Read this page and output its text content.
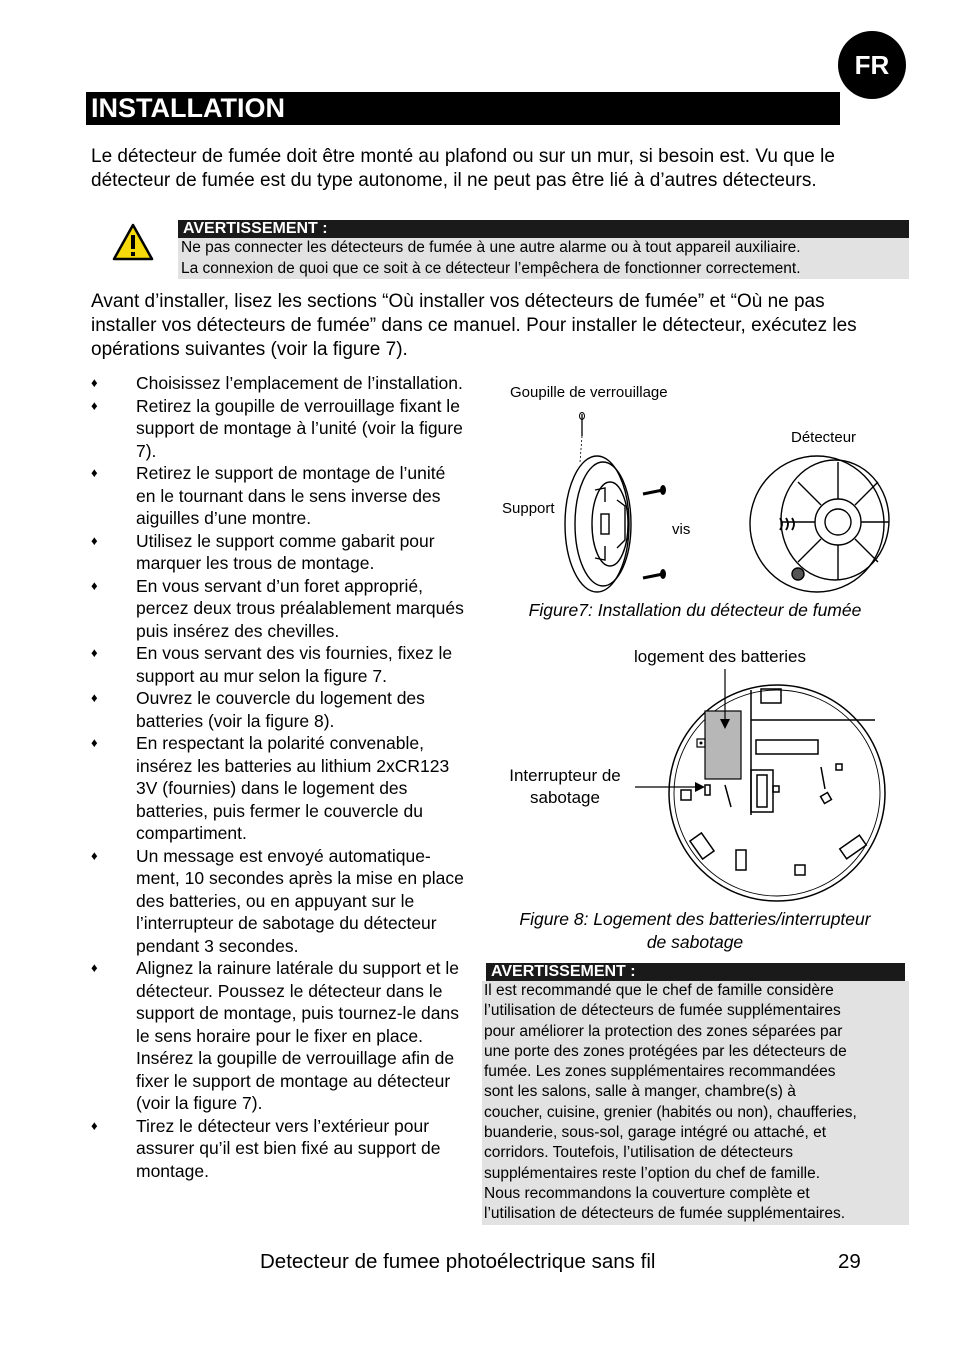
FR
INSTALLATION
Le détecteur de fumée doit être monté au plafond ou sur un mur, si besoin est. Vu que le détecteur de fumée est du type autonome, il ne peut pas être lié à d’autres détecteurs.
AVERTISSEMENT :
Ne pas connecter les détecteurs de fumée à une autre alarme ou à tout appareil auxiliaire.
La connexion de quoi que ce soit à ce détecteur l’empêchera de fonctionner correctement.
Avant d’installer, lisez les sections “Où installer vos détecteurs de fumée” et “Où ne pas installer vos détecteurs de fumée” dans ce manuel. Pour installer le détecteur, exécutez les opérations suivantes (voir la figure 7).
♦ Choisissez l’emplacement de l’installation.
♦ Retirez la goupille de verrouillage fixant le support de montage à l’unité (voir la figure 7).
♦ Retirez le support de montage de l’unité en le tournant dans le sens inverse des aiguilles d’une montre.
♦ Utilisez le support comme gabarit pour marquer les trous de montage.
♦ En vous servant d’un foret approprié, percez deux trous préalablement marqués puis insérez des chevilles.
♦ En vous servant des vis fournies, fixez le support au mur selon la figure 7.
♦ Ouvrez le couvercle du logement des batteries (voir la figure 8).
♦ En respectant la polarité convenable, insérez les batteries au lithium 2xCR123 3V (fournies) dans le logement des batteries, puis fermer le couvercle du compartiment.
♦ Un message est envoyé automatique-ment, 10 secondes après la mise en place des batteries, ou en appuyant sur le l’interrupteur de sabotage du détecteur pendant 3 secondes.
♦ Alignez la rainure latérale du support et le détecteur. Poussez le détecteur dans le support de montage, puis tournez-le dans le sens horaire pour le fixer en place. Insérez la goupille de verrouillage afin de fixer le support de montage au détecteur (voir la figure 7).
♦ Tirez le détecteur vers l’extérieur pour assurer qu’il est bien fixé au support de montage.
Goupille de verrouillage
Détecteur
Support
vis
Figure7: Installation du détecteur de fumée
logement des batteries
Interrupteur de
sabotage
Figure 8: Logement des batteries/interrupteur
de sabotage
AVERTISSEMENT :
Il est recommandé que le chef de famille considère
l’utilisation de détecteurs de fumée supplémentaires
pour améliorer la protection des zones séparées par
une porte des zones protégées par les détecteurs de
fumée. Les zones supplémentaires recommandées
sont les salons, salle à manger, chambre(s) à
coucher, cuisine, grenier (habités ou non), chaufferies,
buanderie, sous-sol, garage intégré ou attaché, et
corridors. Toutefois, l’utilisation de détecteurs
supplémentaires reste l’option du chef de famille.
Nous recommandons la couverture complète et
l’utilisation de détecteurs de fumée supplémentaires.
Detecteur de fumee photoélectrique sans fil	29
